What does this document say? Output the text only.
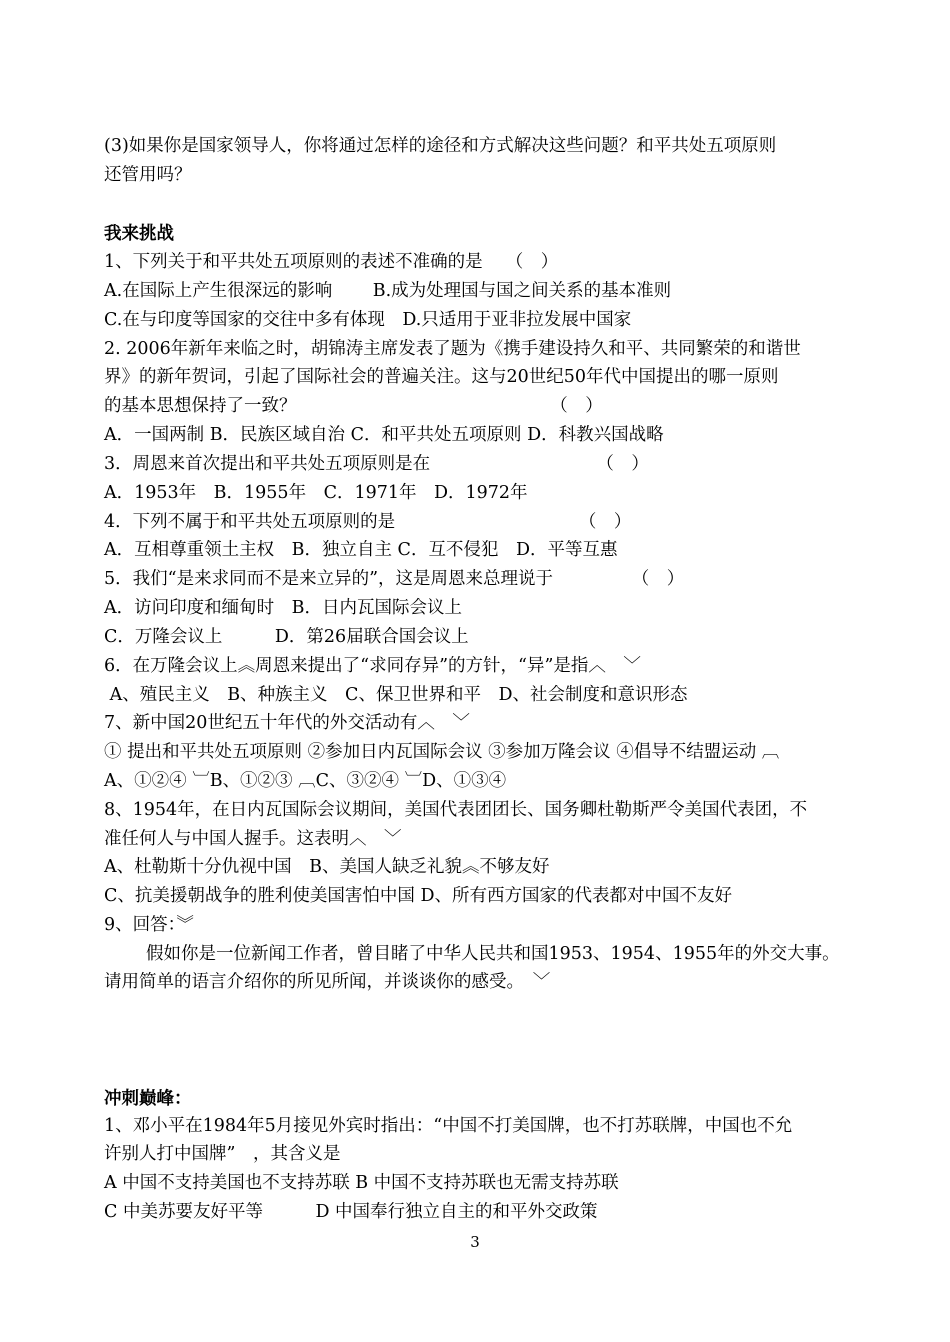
(3)如果你是国家领导人，你将通过怎样的途径和方式解决这些问题？和平共处五项原则
还管用吗？
我来挑战
1、下列关于和平共处五项原则的表述不准确的是　 （　）
A.在国际上产生很深远的影响　　 B.成为处理国与国之间关系的基本准则
C.在与印度等国家的交往中多有体现　D.只适用于亚非拉发展中国家
2. 2006年新年来临之时，胡锦涛主席发表了题为《携手建设持久和平、共同繁荣的和谐世
界》的新年贺词，引起了国际社会的普遍关注。这与20世纪50年代中国提出的哪一原则
的基本思想保持了一致？　　　　　　　　　　　　　　　（　）
A．一国两制 B．民族区域自治 C．和平共处五项原则 D．科教兴国战略
3．周恩来首次提出和平共处五项原则是在　　　　　　　　　　（　）
A．1953年　B．1955年　C．1971年　D．1972年
4．下列不属于和平共处五项原则的是　　　　　　　　　　　（　）
A．互相尊重领土主权　B．独立自主 C．互不侵犯　D．平等互惠
5．我们“是来求同而不是来立异的”，这是周恩来总理说于　　　　　（　）
A．访问印度和缅甸时　B．日内瓦国际会议上
C．万隆会议上　　　D．第26届联合国会议上
6．在万隆会议上︽周恩来提出了“求同存异”的方针，“异”是指︿　﹀
A、殖民主义　B、种族主义　C、保卫世界和平　D、社会制度和意识形态
7、新中国20世纪五十年代的外交活动有︿　﹀
① 提出和平共处五项原则 ②参加日内瓦国际会议 ③参加万隆会议 ④倡导不结盟运动 ︹
A、①②④ ︺B、①②③ ︹C、③②④ ︺D、①③④
8、1954年，在日内瓦国际会议期间，美国代表团团长、国务卿杜勒斯严令美国代表团，不
准任何人与中国人握手。这表明︿　﹀
A、杜勒斯十分仇视中国　B、美国人缺乏礼貌︽不够友好
C、抗美援朝战争的胜利使美国害怕中国 D、所有西方国家的代表都对中国不友好
9、回答：︾
假如你是一位新闻工作者，曾目睹了中华人民共和国1953、1954、1955年的外交大事。
请用简单的语言介绍你的所见所闻，并谈谈你的感受。　﹀
冲刺巅峰：
1、邓小平在1984年5月接见外宾时指出：“中国不打美国牌，也不打苏联牌，中国也不允
许别人打中国牌”　，其含义是
A 中国不支持美国也不支持苏联 B 中国不支持苏联也无需支持苏联
C 中美苏要友好平等　　　D 中国奉行独立自主的和平外交政策
3
